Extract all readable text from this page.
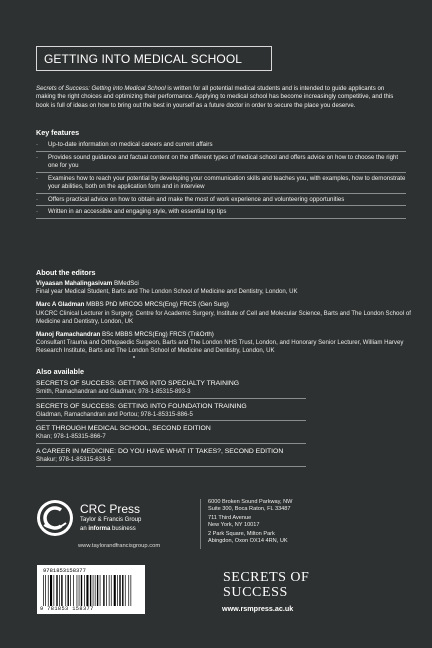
GETTING INTO MEDICAL SCHOOL
Secrets of Success: Getting into Medical School is written for all potential medical students and is intended to guide applicants on making the right choices and optimizing their performance. Applying to medical school has become increasingly competitive, and this book is full of ideas on how to bring out the best in yourself as a future doctor in order to secure the place you deserve.
Key features
·	Up-to-date information on medical careers and current affairs
·	Provides sound guidance and factual content on the different types of medical school and offers advice on how to choose the right one for you
·	Examines how to reach your potential by developing your communication skills and teaches you, with examples, how to demonstrate your abilities, both on the application form and in interview
·	Offers practical advice on how to obtain and make the most of work experience and volunteering opportunities
·	Written in an accessible and engaging style, with essential top tips
About the editors
Viyaasan Mahalingasivam BMedSci
Final year Medical Student, Barts and The London School of Medicine and Dentistry, London, UK
Marc A Gladman MBBS PhD MRCOG MRCS(Eng) FRCS (Gen Surg)
UKCRC Clinical Lecturer in Surgery, Centre for Academic Surgery, Institute of Cell and Molecular Science, Barts and The London School of Medicine and Dentistry, London, UK
Manoj Ramachandran BSc MBBS MRCS(Eng) FRCS (Tr&Orth)
Consultant Trauma and Orthopaedic Surgeon, Barts and The London NHS Trust, London, and Honorary Senior Lecturer, William Harvey Research Institute, Barts and The London School of Medicine and Dentistry, London, UK
Also available
SECRETS OF SUCCESS: GETTING INTO SPECIALTY TRAINING
Smith, Ramachandran and Gladman; 978-1-85315-893-3
SECRETS OF SUCCESS: GETTING INTO FOUNDATION TRAINING
Gladman, Ramachandran and Portou; 978-1-85315-886-5
GET THROUGH MEDICAL SCHOOL, SECOND EDITION
Khan; 978-1-85315-866-7
A CAREER IN MEDICINE: DO YOU HAVE WHAT IT TAKES?, SECOND EDITION
Shakur; 978-1-85315-633-5
CRC Press
Taylor & Francis Group
an informa business
www.taylorandfrancisgroup.com
6000 Broken Sound Parkway, NW
Suite 300, Boca Raton, FL 33487
711 Third Avenue
New York, NY 10017
2 Park Square, Milton Park
Abingdon, Oxon OX14 4RN, UK
9781853158377
9 781853 158377
SECRETS OF
SUCCESS
www.rsmpress.ac.uk
